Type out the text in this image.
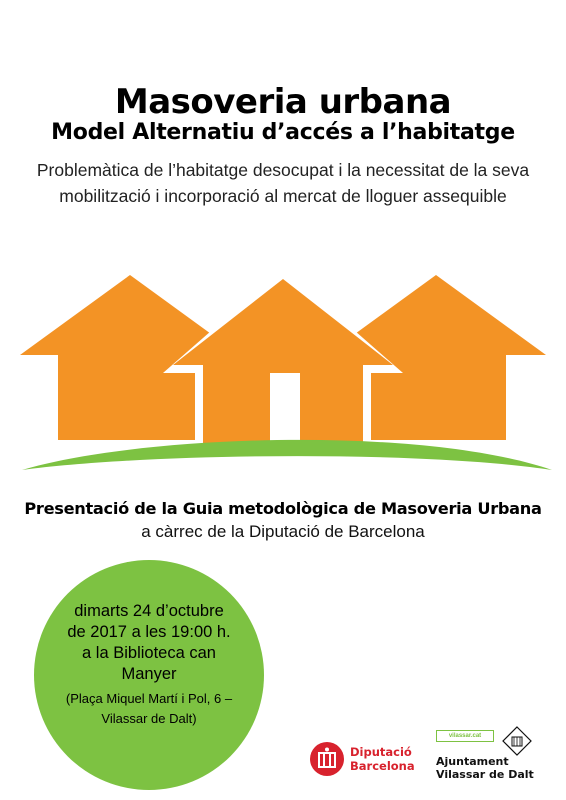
Masoveria urbana
Model Alternatiu d’accés a l’habitatge
Problemàtica de l’habitatge desocupat i la necessitat de la seva
mobilització i incorporació al mercat de lloguer assequible
Presentació de la Guia metodològica de Masoveria Urbana
a càrrec de la Diputació de Barcelona
dimarts 24 d’octubre
de 2017 a les 19:00 h.
a la Biblioteca can
Manyer
(Plaça Miquel Martí i Pol, 6 –
Vilassar de Dalt)
Diputació
Barcelona
vilassar.cat
Ajuntament
Vilassar de Dalt
